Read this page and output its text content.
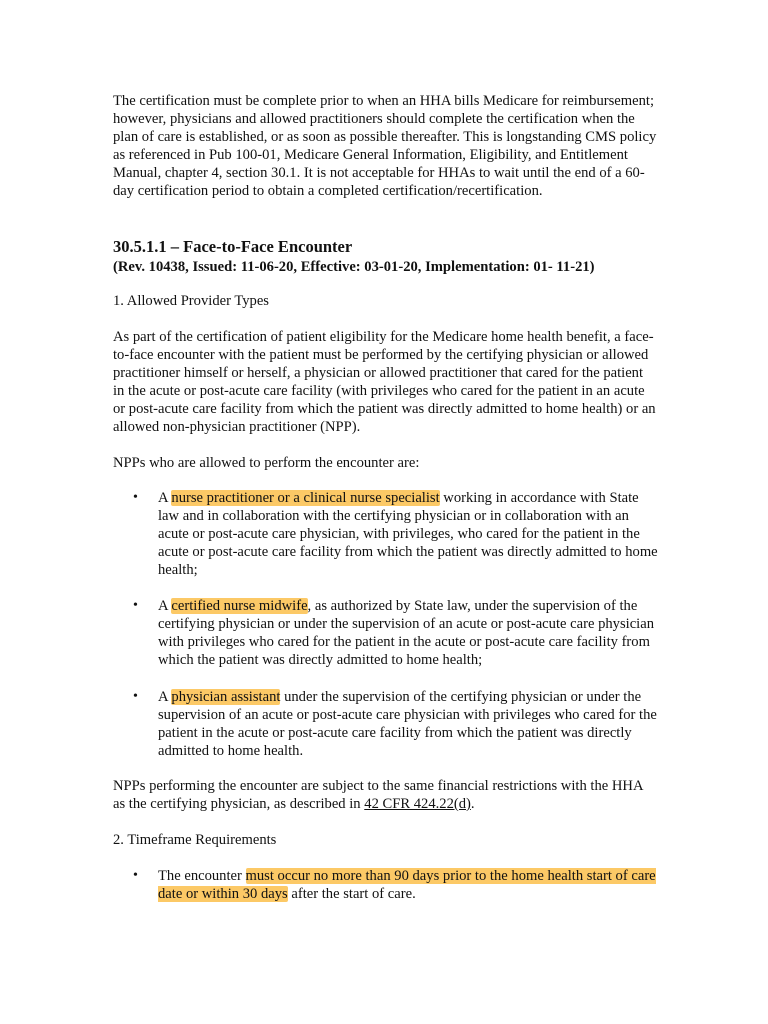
The certification must be complete prior to when an HHA bills Medicare for reimbursement; however, physicians and allowed practitioners should complete the certification when the plan of care is established, or as soon as possible thereafter. This is longstanding CMS policy as referenced in Pub 100-01, Medicare General Information, Eligibility, and Entitlement Manual, chapter 4, section 30.1. It is not acceptable for HHAs to wait until the end of a 60-day certification period to obtain a completed certification/recertification.

30.5.1.1 – Face-to-Face Encounter
(Rev. 10438, Issued: 11-06-20, Effective: 03-01-20, Implementation: 01- 11-21)
1. Allowed Provider Types

As part of the certification of patient eligibility for the Medicare home health benefit, a face-to-face encounter with the patient must be performed by the certifying physician or allowed practitioner himself or herself, a physician or allowed practitioner that cared for the patient in the acute or post-acute care facility (with privileges who cared for the patient in an acute or post-acute care facility from which the patient was directly admitted to home health) or an allowed non-physician practitioner (NPP).

NPPs who are allowed to perform the encounter are:
• A nurse practitioner or a clinical nurse specialist working in accordance with State law and in collaboration with the certifying physician or in collaboration with an acute or post-acute care physician, with privileges, who cared for the patient in the acute or post-acute care facility from which the patient was directly admitted to home health;

• A certified nurse midwife, as authorized by State law, under the supervision of the certifying physician or under the supervision of an acute or post-acute care physician with privileges who cared for the patient in the acute or post-acute care facility from which the patient was directly admitted to home health;

• A physician assistant under the supervision of the certifying physician or under the supervision of an acute or post-acute care physician with privileges who cared for the patient in the acute or post-acute care facility from which the patient was directly admitted to home health.

NPPs performing the encounter are subject to the same financial restrictions with the HHA as the certifying physician, as described in 42 CFR 424.22(d).

2. Timeframe Requirements
• The encounter must occur no more than 90 days prior to the home health start of care date or within 30 days after the start of care.
